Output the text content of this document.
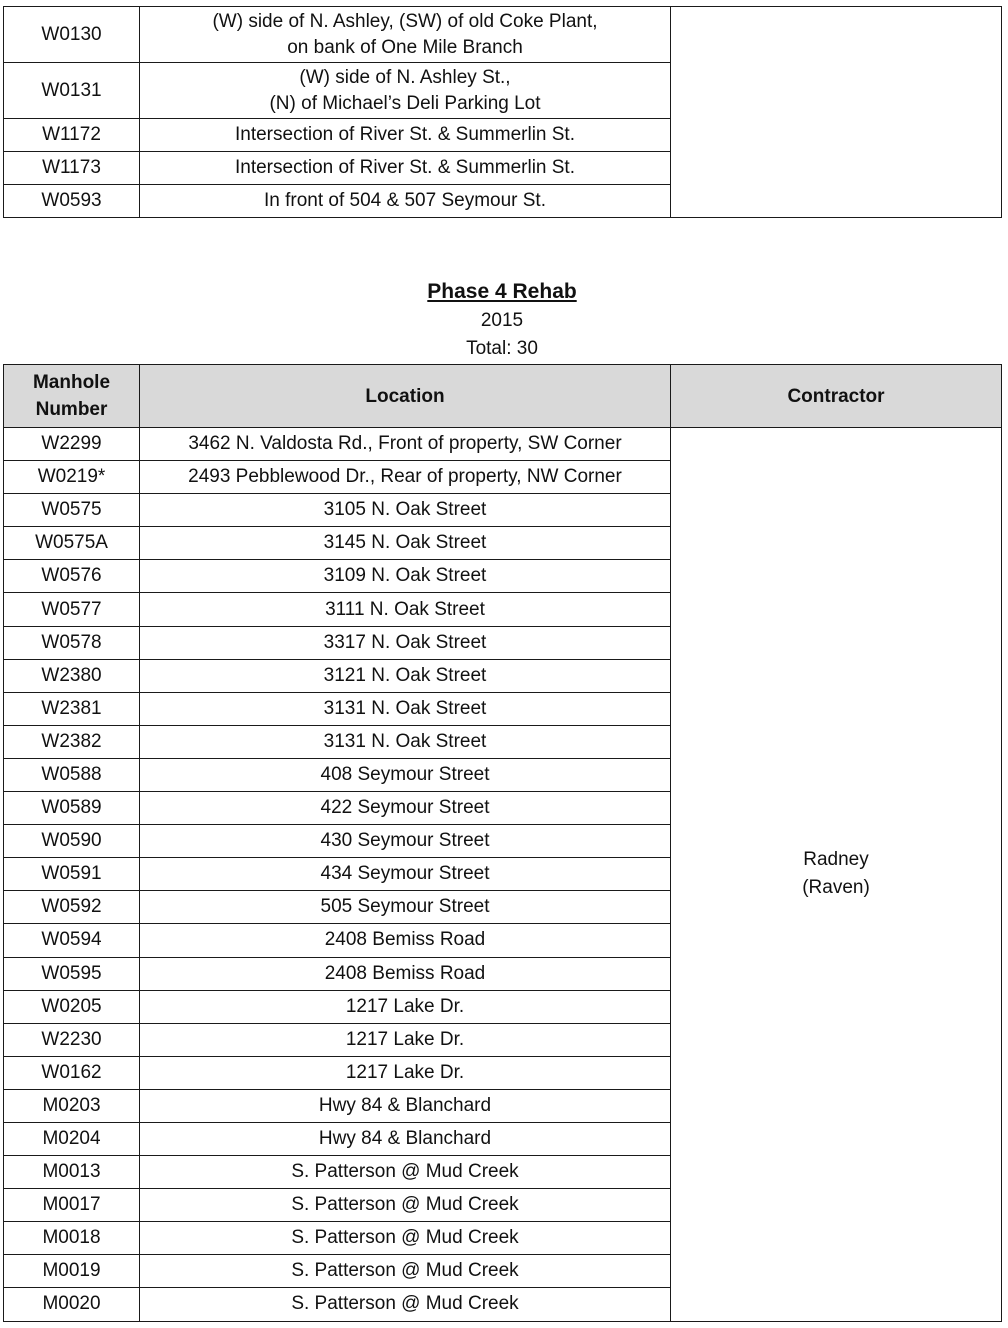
W0130	(W) side of N. Ashley, (SW) of old Coke Plant,
on bank of One Mile Branch	

W0131	(W) side of N. Ashley St.,
(N) of Michael’s Deli Parking Lot	

W1172	Intersection of River St. & Summerlin St.	

W1173	Intersection of River St. & Summerlin St.	

W0593	In front of 504 & 507 Seymour St.	
Phase 4 Rehab
2015
Total: 30
Manhole
Number	Location	Contractor
W2299	3462 N. Valdosta Rd., Front of property, SW Corner	Radney
(Raven)

W0219*	2493 Pebblewood Dr., Rear of property, NW Corner	
W0575	3105 N. Oak Street	
W0575A	3145 N. Oak Street	
W0576	3109 N. Oak Street	
W0577	3111 N. Oak Street	
W0578	3317 N. Oak Street	
W2380	3121 N. Oak Street	
W2381	3131 N. Oak Street	
W2382	3131 N. Oak Street	
W0588	408 Seymour Street	
W0589	422 Seymour Street	
W0590	430 Seymour Street	
W0591	434 Seymour Street	
W0592	505 Seymour Street	
W0594	2408 Bemiss Road	
W0595	2408 Bemiss Road	
W0205	1217 Lake Dr.	
W2230	1217 Lake Dr.	
W0162	1217 Lake Dr.	
M0203	Hwy 84 & Blanchard	
M0204	Hwy 84 & Blanchard	
M0013	S. Patterson @ Mud Creek	
M0017	S. Patterson @ Mud Creek	
M0018	S. Patterson @ Mud Creek	
M0019	S. Patterson @ Mud Creek	
M0020	S. Patterson @ Mud Creek	
